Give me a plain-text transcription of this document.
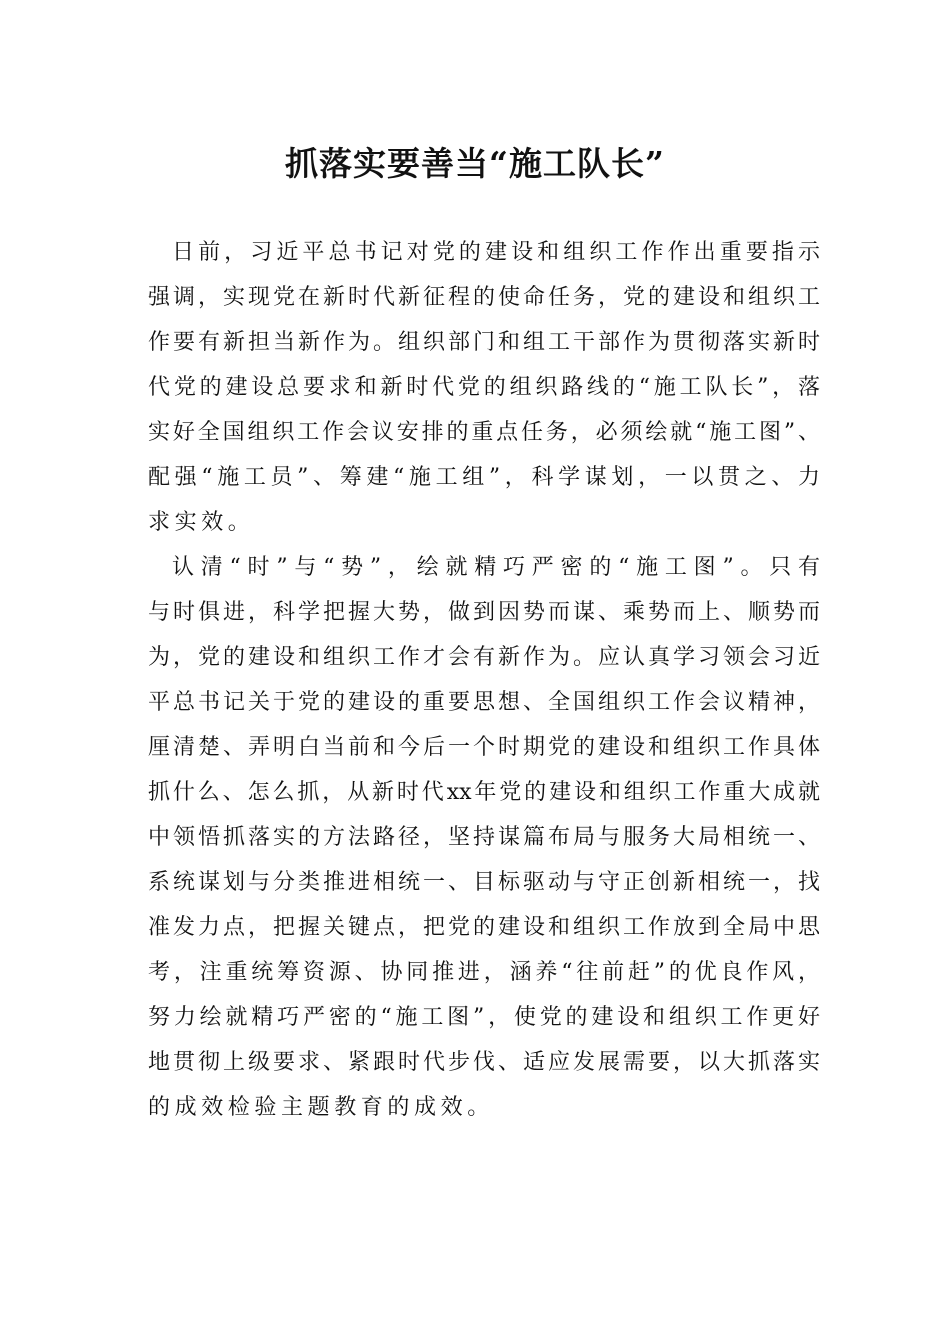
抓落实要善当“施工队长”
日前，习近平总书记对党的建设和组织工作作出重要指示
强调，实现党在新时代新征程的使命任务，党的建设和组织工
作要有新担当新作为。组织部门和组工干部作为贯彻落实新时
代党的建设总要求和新时代党的组织路线的“施工队长”，落
实好全国组织工作会议安排的重点任务，必须绘就“施工图”、
配强“施工员”、筹建“施工组”，科学谋划，一以贯之、力
求实效。
认清“时”与“势”，绘就精巧严密的“施工图”。只有
与时俱进，科学把握大势，做到因势而谋、乘势而上、顺势而
为，党的建设和组织工作才会有新作为。应认真学习领会习近
平总书记关于党的建设的重要思想、全国组织工作会议精神，
厘清楚、弄明白当前和今后一个时期党的建设和组织工作具体
抓什么、怎么抓，从新时代xx年党的建设和组织工作重大成就
中领悟抓落实的方法路径，坚持谋篇布局与服务大局相统一、
系统谋划与分类推进相统一、目标驱动与守正创新相统一，找
准发力点，把握关键点，把党的建设和组织工作放到全局中思
考，注重统筹资源、协同推进，涵养“往前赶”的优良作风，
努力绘就精巧严密的“施工图”，使党的建设和组织工作更好
地贯彻上级要求、紧跟时代步伐、适应发展需要，以大抓落实
的成效检验主题教育的成效。
